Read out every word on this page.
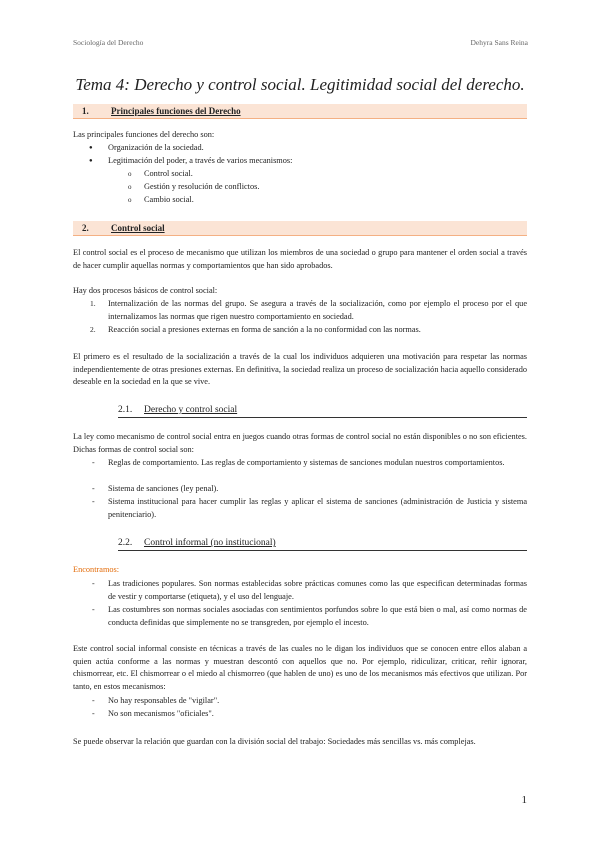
Sociología del Derecho	Dehyra Sans Reina
Tema 4: Derecho y control social. Legitimidad social del derecho.
1. Principales funciones del Derecho
Las principales funciones del derecho son:
● Organización de la sociedad.
● Legitimación del poder, a través de varios mecanismos:
o Control social.
o Gestión y resolución de conflictos.
o Cambio social.
2. Control social
El control social es el proceso de mecanismo que utilizan los miembros de una sociedad o grupo para mantener el orden social a través de hacer cumplir aquellas normas y comportamientos que han sido aprobados.
Hay dos procesos básicos de control social:
1. Internalización de las normas del grupo. Se asegura a través de la socialización, como por ejemplo el proceso por el que internalizamos las normas que rigen nuestro comportamiento en sociedad.
2. Reacción social a presiones externas en forma de sanción a la no conformidad con las normas.
El primero es el resultado de la socialización a través de la cual los individuos adquieren una motivación para respetar las normas independientemente de otras presiones externas. En definitiva, la sociedad realiza un proceso de socialización hacia aquello considerado deseable en la sociedad en la que se vive.
2.1. Derecho y control social
La ley como mecanismo de control social entra en juegos cuando otras formas de control social no están disponibles o no son eficientes. Dichas formas de control social son:
- Reglas de comportamiento. Las reglas de comportamiento y sistemas de sanciones modulan nuestros comportamientos.
- Sistema de sanciones (ley penal).
- Sistema institucional para hacer cumplir las reglas y aplicar el sistema de sanciones (administración de Justicia y sistema penitenciario).
2.2. Control informal (no institucional)
Encontramos:
- Las tradiciones populares. Son normas establecidas sobre prácticas comunes como las que especifican determinadas formas de vestir y comportarse (etiqueta), y el uso del lenguaje.
- Las costumbres son normas sociales asociadas con sentimientos porfundos sobre lo que está bien o mal, así como normas de conducta definidas que simplemente no se transgreden, por ejemplo el incesto.
Este control social informal consiste en técnicas a través de las cuales no le digan los individuos que se conocen entre ellos alaban a quien actúa conforme a las normas y muestran descontó con aquellos que no. Por ejemplo, ridiculizar, criticar, reñir ignorar, chismorrear, etc. El chismorrear o el miedo al chismorreo (que hablen de uno) es uno de los mecanismos más efectivos que utilizan. Por tanto, en estos mecanismos:
- No hay responsables de "vigilar".
- No son mecanismos "oficiales".
Se puede observar la relación que guardan con la división social del trabajo: Sociedades más sencillas vs. más complejas.
1
